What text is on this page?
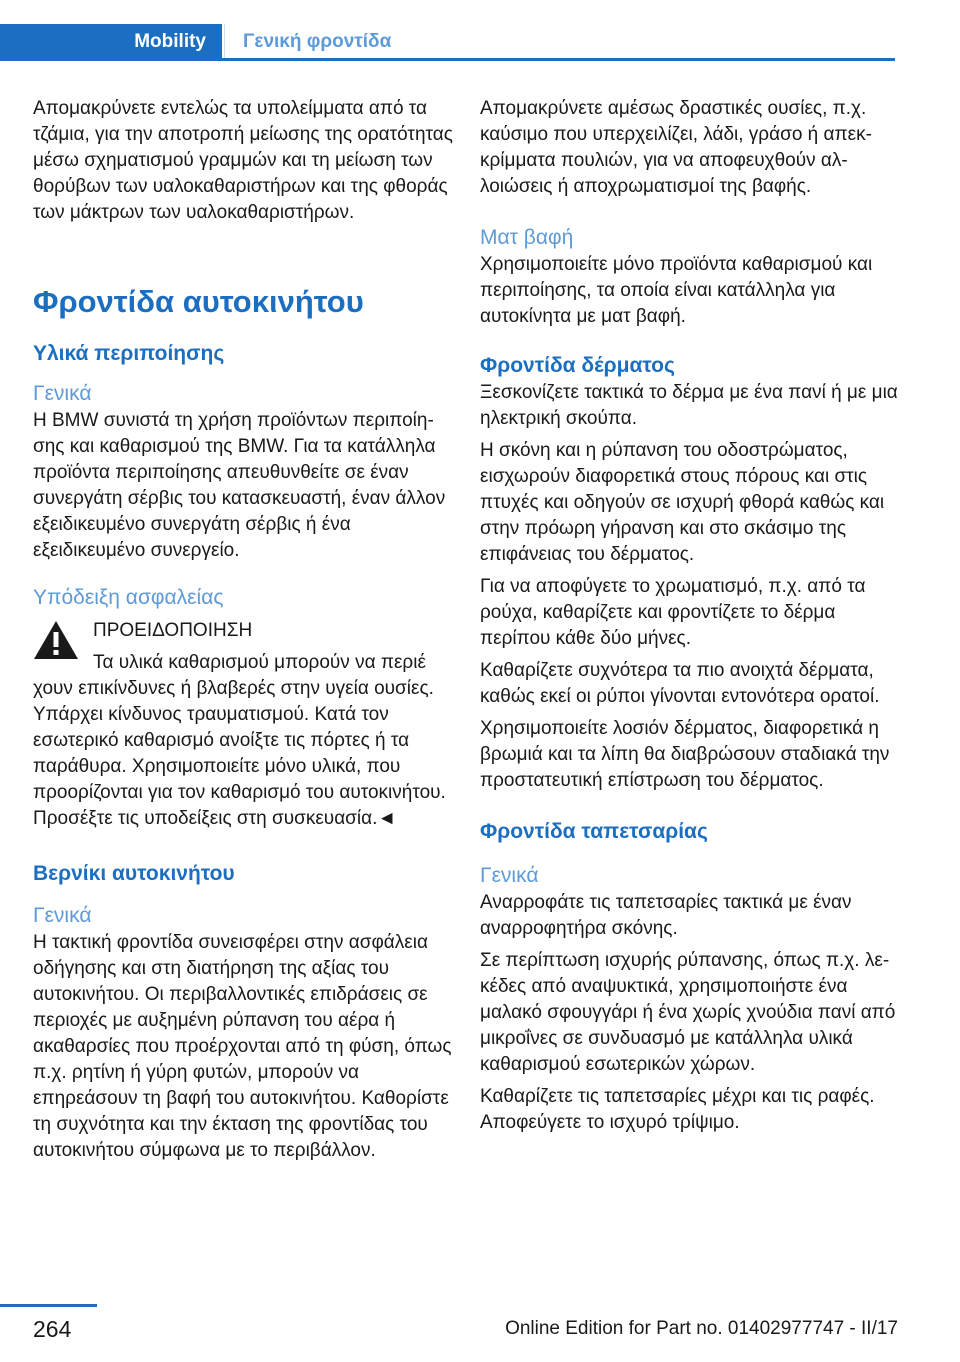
Mobility	Γενική φροντίδα

Απομακρύνετε εντελώς τα υπολείμματα από τα τζάμια, για την αποτροπή μείωσης της ορατότητας μέσω σχηματισμού γραμμών και τη μείωση των θορύβων των υαλοκαθαριστήρων και της φθοράς των μάκτρων των υαλοκαθαριστήρων.

Φροντίδα αυτοκινήτου
Υλικά περιποίησης
Γενικά

Η BMW συνιστά τη χρήση προϊόντων περιποίησης και καθαρισμού της BMW. Για τα κατάλληλα προϊόντα περιποίησης απευθυνθείτε σε έναν συνεργάτη σέρβις του κατασκευαστή, έναν άλλον εξειδικευμένο συνεργάτη σέρβις ή ένα εξειδικευμένο συνεργείο.

Υπόδειξη ασφαλείας

ΠΡΟΕΙΔΟΠΟΙΗΣΗ

Τα υλικά καθαρισμού μπορούν να περιέ

χουν επικίνδυνες ή βλαβερές στην υγεία ουσίες. Υπάρχει κίνδυνος τραυματισμού. Κατά τον εσωτερικό καθαρισμό ανοίξτε τις πόρτες ή τα παράθυρα. Χρησιμοποιείτε μόνο υλικά, που προορίζονται για τον καθαρισμό του αυτοκινήτου. Προσέξτε τις υποδείξεις στη συσκευασία.◄

Βερνίκι αυτοκινήτου
Γενικά

Η τακτική φροντίδα συνεισφέρει στην ασφάλεια οδήγησης και στη διατήρηση της αξίας του αυτοκινήτου. Οι περιβαλλοντικές επιδράσεις σε περιοχές με αυξημένη ρύπανση του αέρα ή ακαθαρσίες που προέρχονται από τη φύση, όπως π.χ. ρητίνη ή γύρη φυτών, μπορούν να επηρεάσουν τη βαφή του αυτοκινήτου. Καθορίστε τη συχνότητα και την έκταση της φροντίδας του αυτοκινήτου σύμφωνα με το περιβάλλον.

Απομακρύνετε αμέσως δραστικές ουσίες, π.χ. καύσιμο που υπερχειλίζει, λάδι, γράσο ή απεκκρίμματα πουλιών, για να αποφευχθούν αλλοιώσεις ή αποχρωματισμοί της βαφής.

Ματ βαφή

Χρησιμοποιείτε μόνο προϊόντα καθαρισμού και περιποίησης, τα οποία είναι κατάλληλα για αυτοκίνητα με ματ βαφή.

Φροντίδα δέρματος

Ξεσκονίζετε τακτικά το δέρμα με ένα πανί ή με μια ηλεκτρική σκούπα.

Η σκόνη και η ρύπανση του οδοστρώματος, εισχωρούν διαφορετικά στους πόρους και στις πτυχές και οδηγούν σε ισχυρή φθορά καθώς και στην πρόωρη γήρανση και στο σκάσιμο της επιφάνειας του δέρματος.

Για να αποφύγετε το χρωματισμό, π.χ. από τα ρούχα, καθαρίζετε και φροντίζετε το δέρμα περίπου κάθε δύο μήνες.

Καθαρίζετε συχνότερα τα πιο ανοιχτά δέρματα, καθώς εκεί οι ρύποι γίνονται εντονότερα ορατοί.

Χρησιμοποιείτε λοσιόν δέρματος, διαφορετικά η βρωμιά και τα λίπη θα διαβρώσουν σταδιακά την προστατευτική επίστρωση του δέρματος.

Φροντίδα ταπετσαρίας
Γενικά

Αναρροφάτε τις ταπετσαρίες τακτικά με έναν αναρροφητήρα σκόνης.

Σε περίπτωση ισχυρής ρύπανσης, όπως π.χ. λεκέδες από αναψυκτικά, χρησιμοποιήστε ένα μαλακό σφουγγάρι ή ένα χωρίς χνούδια πανί από μικροΐνες σε συνδυασμό με κατάλληλα υλικά καθαρισμού εσωτερικών χώρων.

Καθαρίζετε τις ταπετσαρίες μέχρι και τις ραφές. Αποφεύγετε το ισχυρό τρίψιμο.

264	Online Edition for Part no. 01402977747 - II/17
